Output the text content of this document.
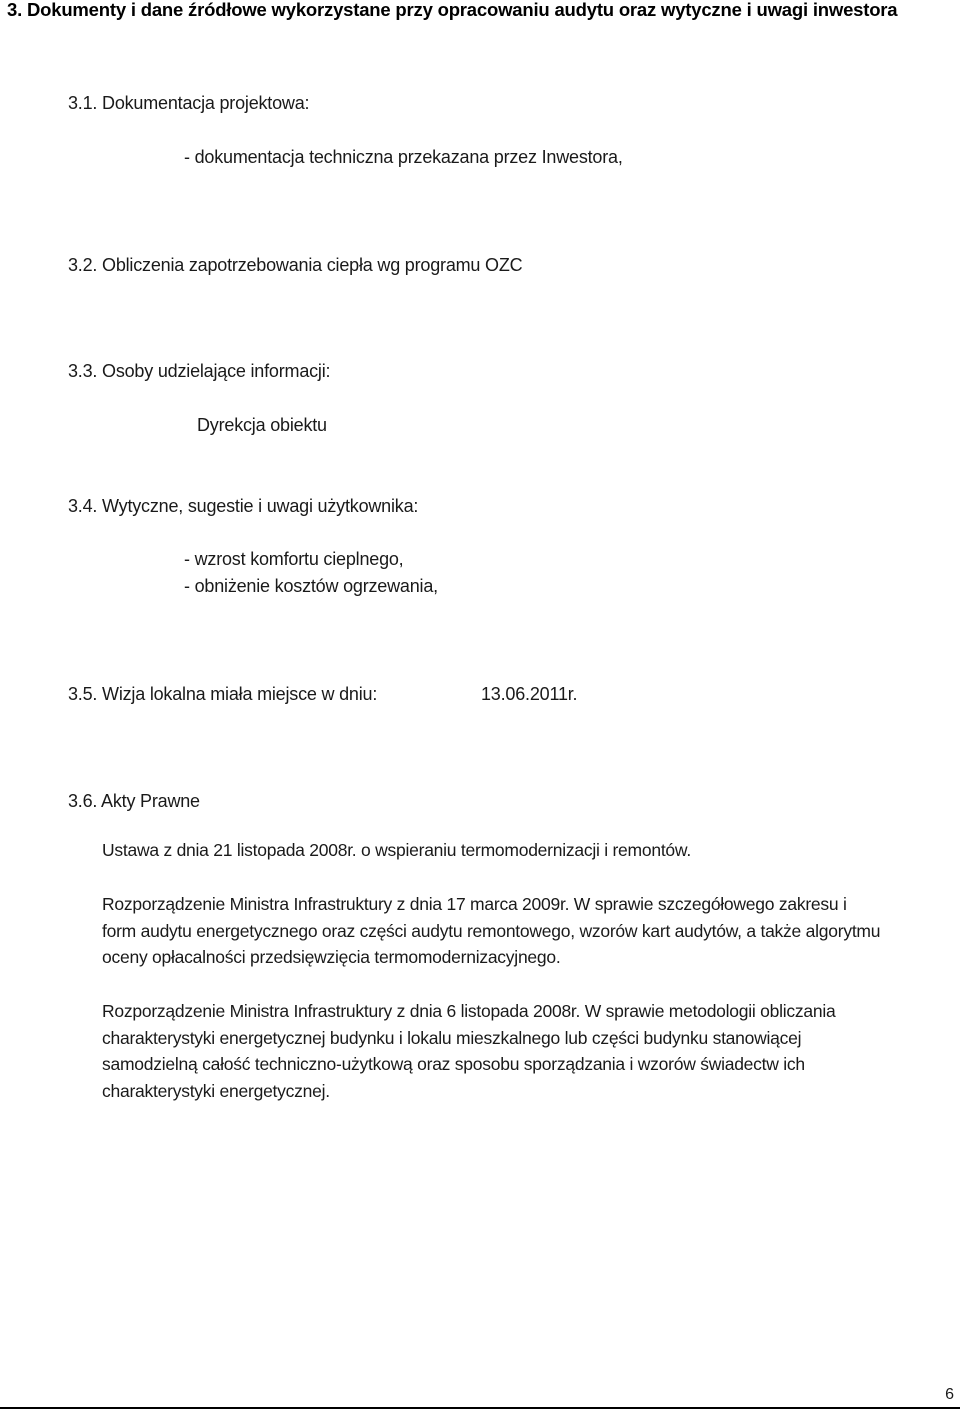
3. Dokumenty i dane źródłowe wykorzystane przy opracowaniu audytu oraz wytyczne i uwagi inwestora
3.1. Dokumentacja projektowa:
- dokumentacja techniczna przekazana przez Inwestora,
3.2. Obliczenia zapotrzebowania ciepła wg programu OZC
3.3. Osoby udzielające informacji:
Dyrekcja obiektu
3.4. Wytyczne, sugestie i uwagi użytkownika:
- wzrost komfortu cieplnego,
- obniżenie kosztów ogrzewania,
3.5. Wizja lokalna miała miejsce w dniu:	13.06.2011r.
3.6. Akty Prawne
Ustawa z dnia 21 listopada 2008r. o wspieraniu termomodernizacji i remontów.
Rozporządzenie Ministra Infrastruktury z dnia 17 marca 2009r. W sprawie szczegółowego zakresu i form audytu energetycznego oraz części audytu remontowego, wzorów kart audytów, a także algorytmu oceny opłacalności przedsięwzięcia termomodernizacyjnego.
Rozporządzenie Ministra Infrastruktury z dnia 6 listopada 2008r. W sprawie metodologii obliczania charakterystyki energetycznej budynku i lokalu mieszkalnego lub części budynku stanowiącej samodzielną całość techniczno-użytkową oraz sposobu sporządzania i wzorów świadectw ich charakterystyki energetycznej.
6
